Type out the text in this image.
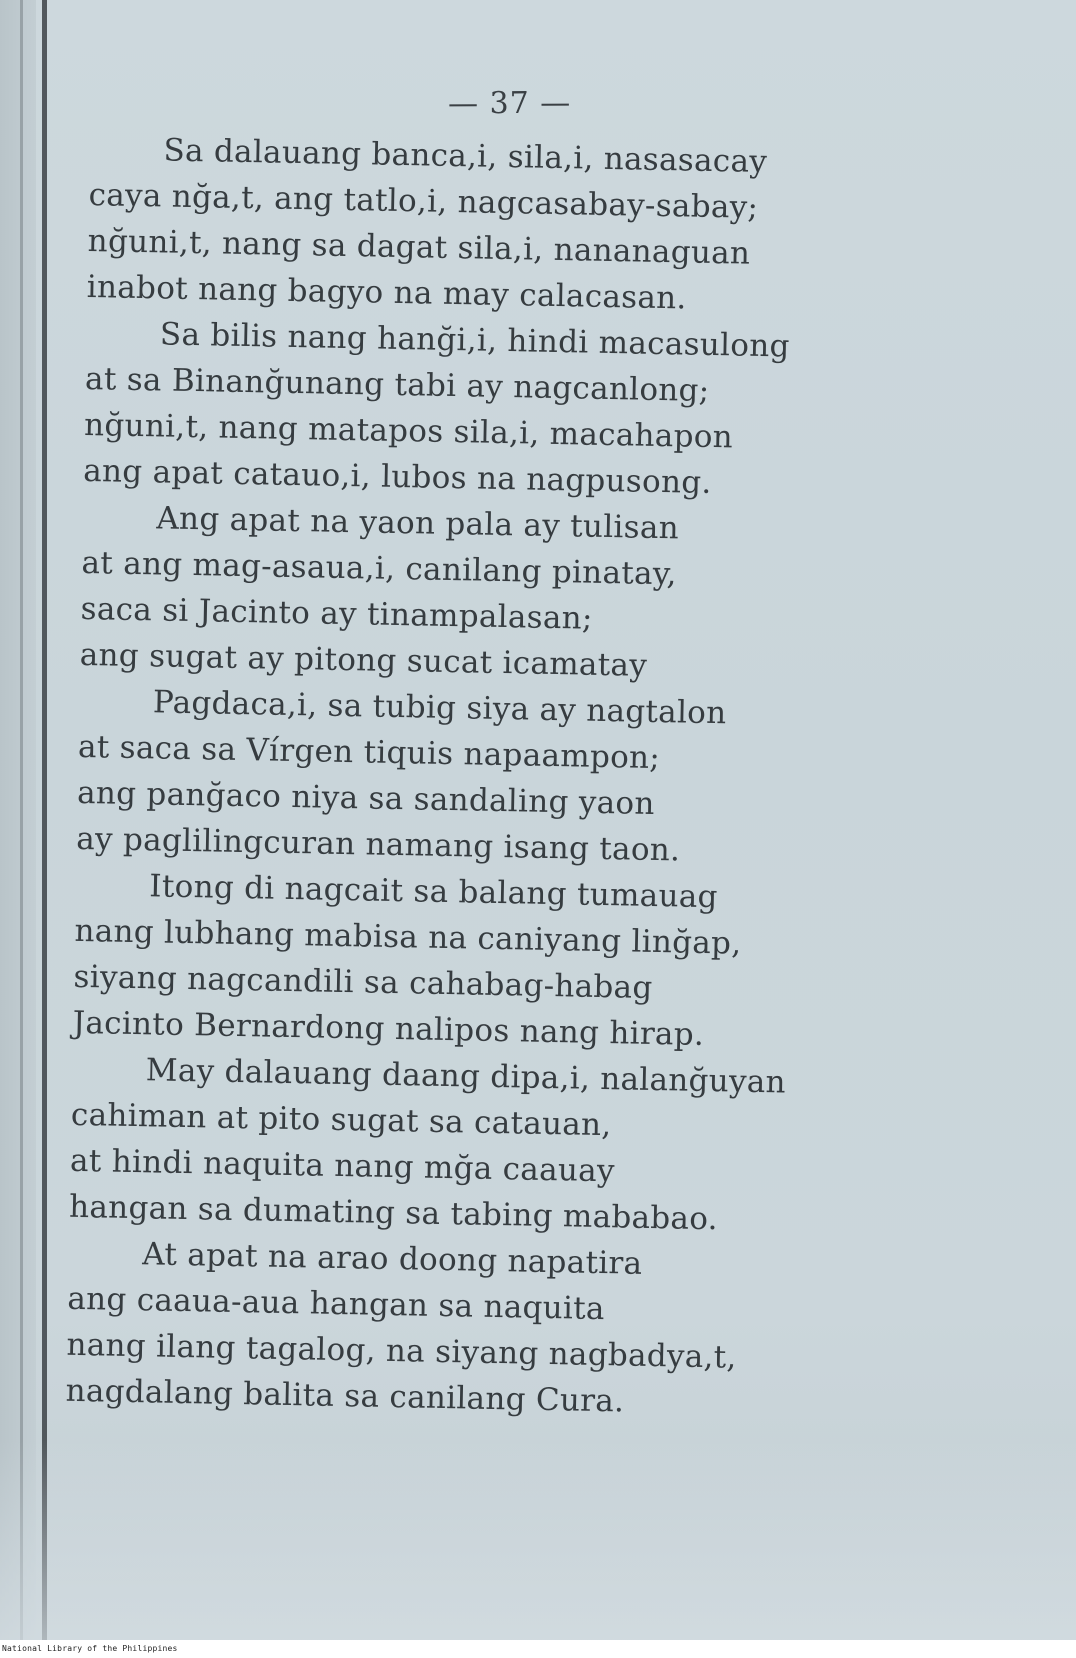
— 37 —
Sa dalauang banca,i, sila,i, nasasacay
caya nğa,t, ang tatlo,i, nagcasabay-sabay;
nğuni,t, nang sa dagat sila,i, nananaguan
inabot nang bagyo na may calacasan.
Sa bilis nang hanği,i, hindi macasulong
at sa Binanğunang tabi ay nagcanlong;
nğuni,t, nang matapos sila,i, macahapon
ang apat catauo,i, lubos na nagpusong.
Ang apat na yaon pala ay tulisan
at ang mag-asaua,i, canilang pinatay,
saca si Jacinto ay tinampalasan;
ang sugat ay pitong sucat icamatay
Pagdaca,i, sa tubig siya ay nagtalon
at saca sa Vírgen tiquis napaampon;
ang panğaco niya sa sandaling yaon
ay paglilingcuran namang isang taon.
Itong di nagcait sa balang tumauag
nang lubhang mabisa na caniyang linğap,
siyang nagcandili sa cahabag-habag
Jacinto Bernardong nalipos nang hirap.
May dalauang daang dipa,i, nalanğuyan
cahiman at pito sugat sa catauan,
at hindi naquita nang mğa caauay
hangan sa dumating sa tabing mababao.
At apat na arao doong napatira
ang caaua-aua hangan sa naquita
nang ilang tagalog, na siyang nagbadya,t,
nagdalang balita sa canilang Cura.
National Library of the Philippines
